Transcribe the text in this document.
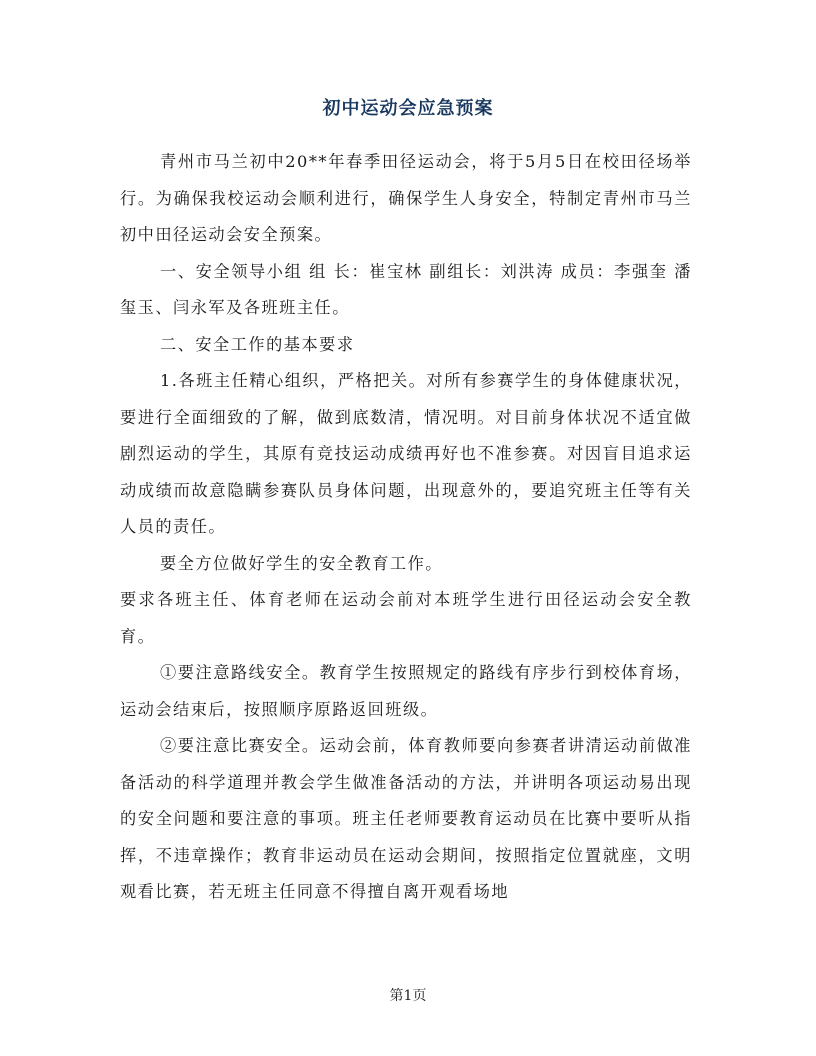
初中运动会应急预案

青州市马兰初中20**年春季田径运动会，将于5月5日在校田径场举行。为确保我校运动会顺利进行，确保学生人身安全，特制定青州市马兰初中田径运动会安全预案。

一、安全领导小组 组 长：崔宝林 副组长：刘洪涛 成员：李强奎 潘玺玉、闫永军及各班班主任。

二、安全工作的基本要求

1.各班主任精心组织，严格把关。对所有参赛学生的身体健康状况，要进行全面细致的了解，做到底数清，情况明。对目前身体状况不适宜做剧烈运动的学生，其原有竞技运动成绩再好也不准参赛。对因盲目追求运动成绩而故意隐瞒参赛队员身体问题，出现意外的，要追究班主任等有关人员的责任。

要全方位做好学生的安全教育工作。

要求各班主任、体育老师在运动会前对本班学生进行田径运动会安全教育。

①要注意路线安全。教育学生按照规定的路线有序步行到校体育场，运动会结束后，按照顺序原路返回班级。

②要注意比赛安全。运动会前，体育教师要向参赛者讲清运动前做准备活动的科学道理并教会学生做准备活动的方法，并讲明各项运动易出现的安全问题和要注意的事项。班主任老师要教育运动员在比赛中要听从指挥，不违章操作；教育非运动员在运动会期间，按照指定位置就座，文明观看比赛，若无班主任同意不得擅自离开观看场地

第1页
